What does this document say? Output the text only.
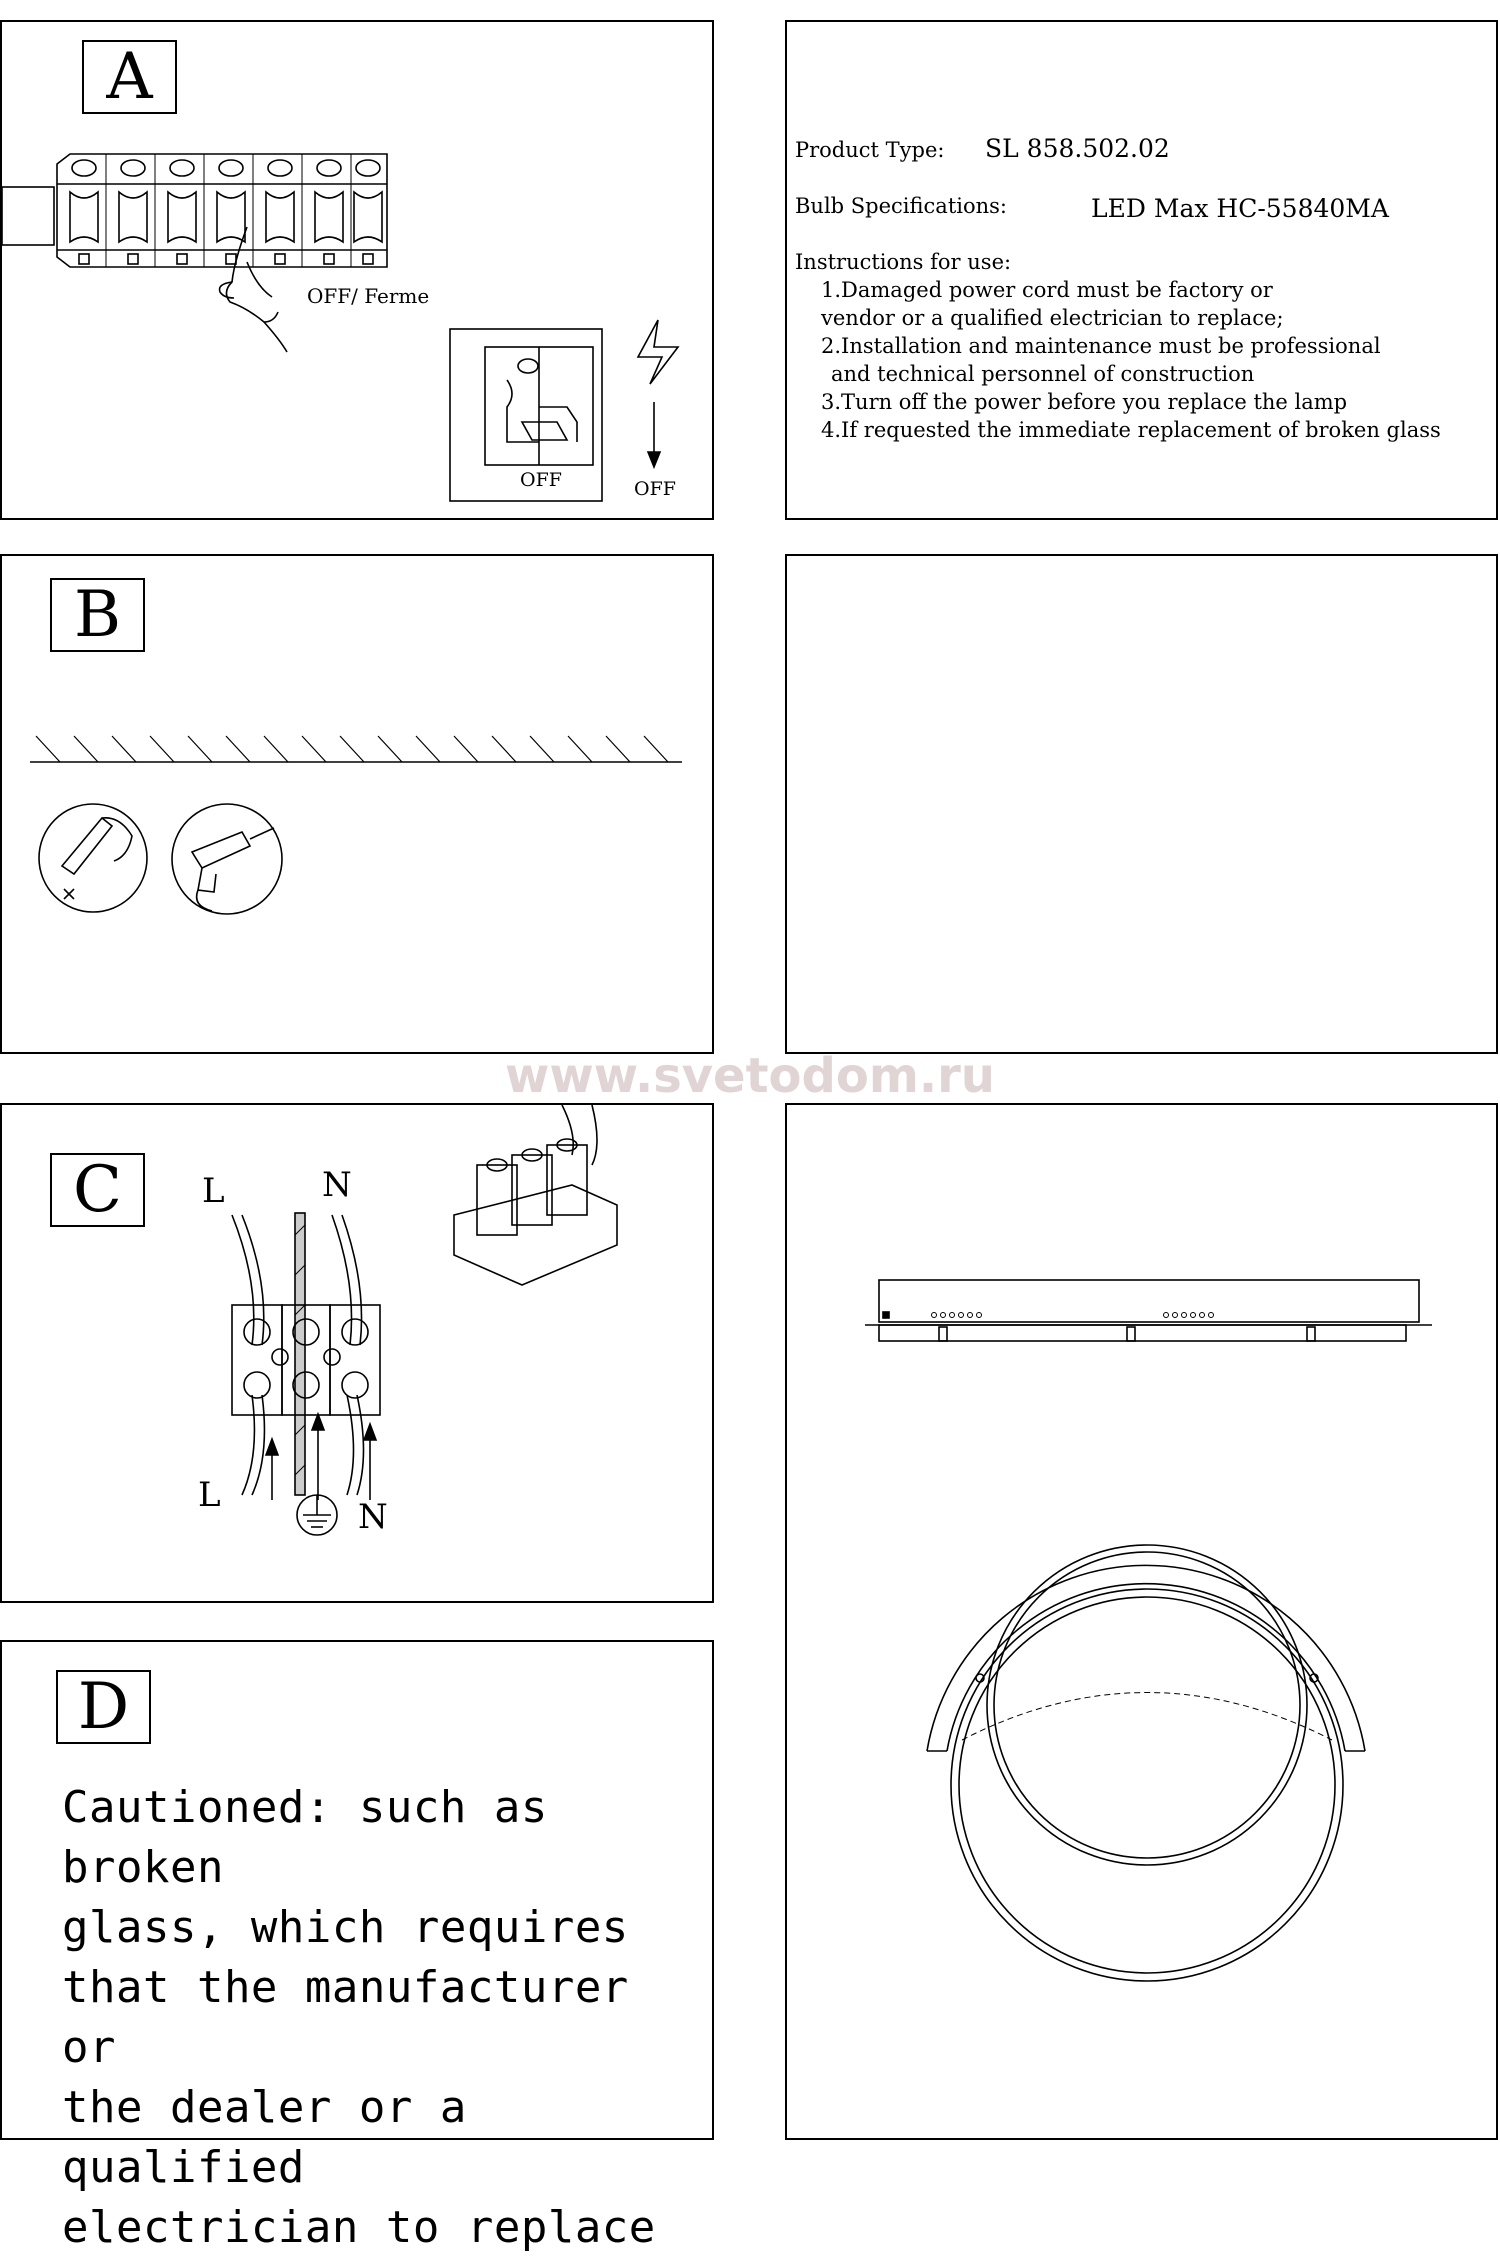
A
OFF/ Ferme
OFF	OFF
Product Type: SL 858.502.02
Bulb Specifications:	LED Max HC-55840MA
Instructions for use:
1.Damaged power cord must be factory or
vendor or a qualified electrician to replace;
2.Installation and maintenance must be professional
and technical personnel of construction
3.Turn off the power before you replace the lamp
4.If requested the immediate replacement of broken glass
B
C	L	N
L
N
D
Cautioned: such as broken
glass, which requires
that the manufacturer or
the dealer or a qualified
electrician to replace
www.svetodom.ru
